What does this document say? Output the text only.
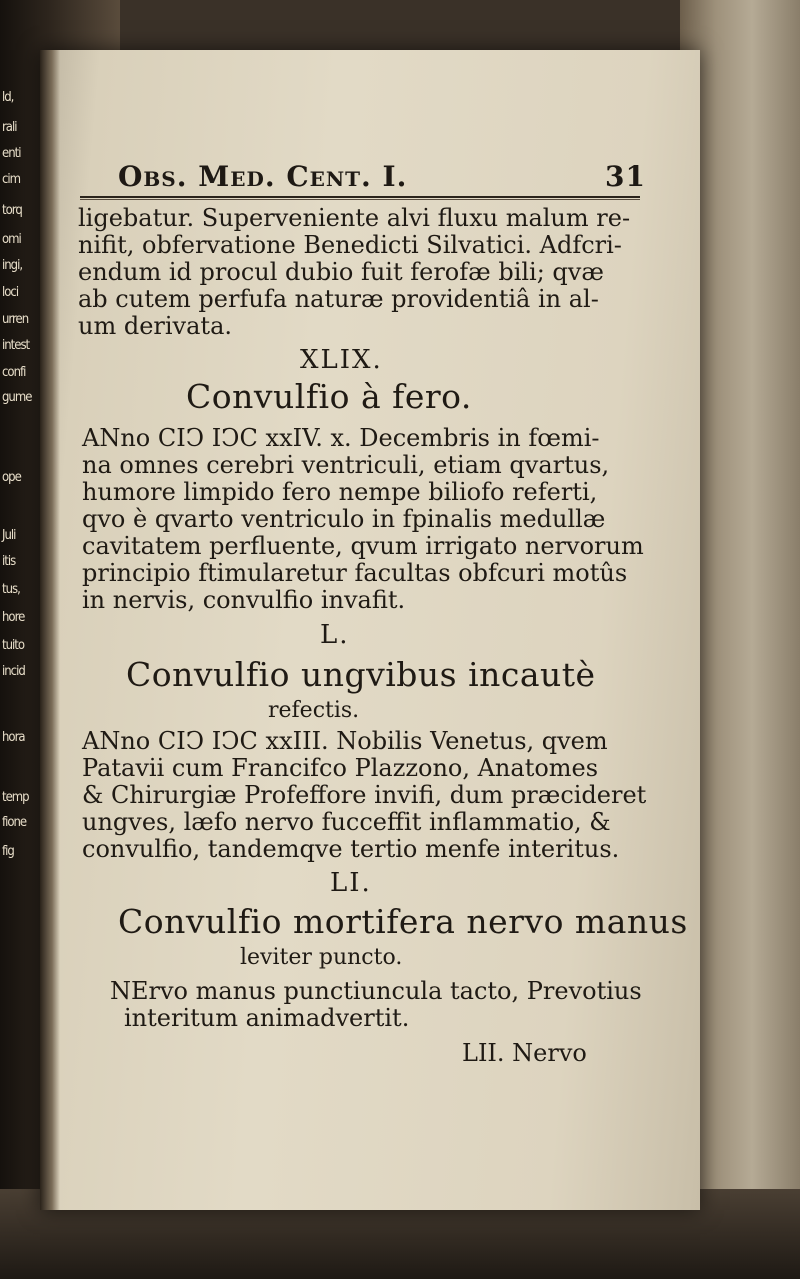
ld,
rali
enti
cim
torq
omi
ingi,
loci
urren
intest
confi
gume
ope
Juli
itis
tus,
hore
tuito
incid
hora
temp
fione
fig
Obs. Med. Cent. I.	31
ligebatur. Superveniente alvi fluxu malum re-
nifit, obfervatione Benedicti Silvatici. Adfcri-
endum id procul dubio fuit ferofæ bili; qvæ
ab cutem perfufa naturæ providentiâ in al-
um derivata.
XLIX.
Convulfio à fero.
ANno CIↃ IↃC xxIV. x. Decembris in fœmi-
na omnes cerebri ventriculi, etiam qvartus,
humore limpido fero nempe biliofo referti,
qvo è qvarto ventriculo in fpinalis medullæ
cavitatem perfluente, qvum irrigato nervorum
principio ftimularetur facultas obfcuri motûs
in nervis, convulfio invafit.
L.
Convulfio ungvibus incautè
refectis.
ANno CIↃ IↃC xxIII. Nobilis Venetus, qvem
Patavii cum Francifco Plazzono, Anatomes
& Chirurgiæ Profeffore invifi, dum præcideret
ungves, læfo nervo fucceffit inflammatio, &
convulfio, tandemqve tertio menfe interitus.
LI.
Convulfio mortifera nervo manus
leviter puncto.
NErvo manus punctiuncula tacto, Prevotius
interitum animadvertit.
LII. Nervo
